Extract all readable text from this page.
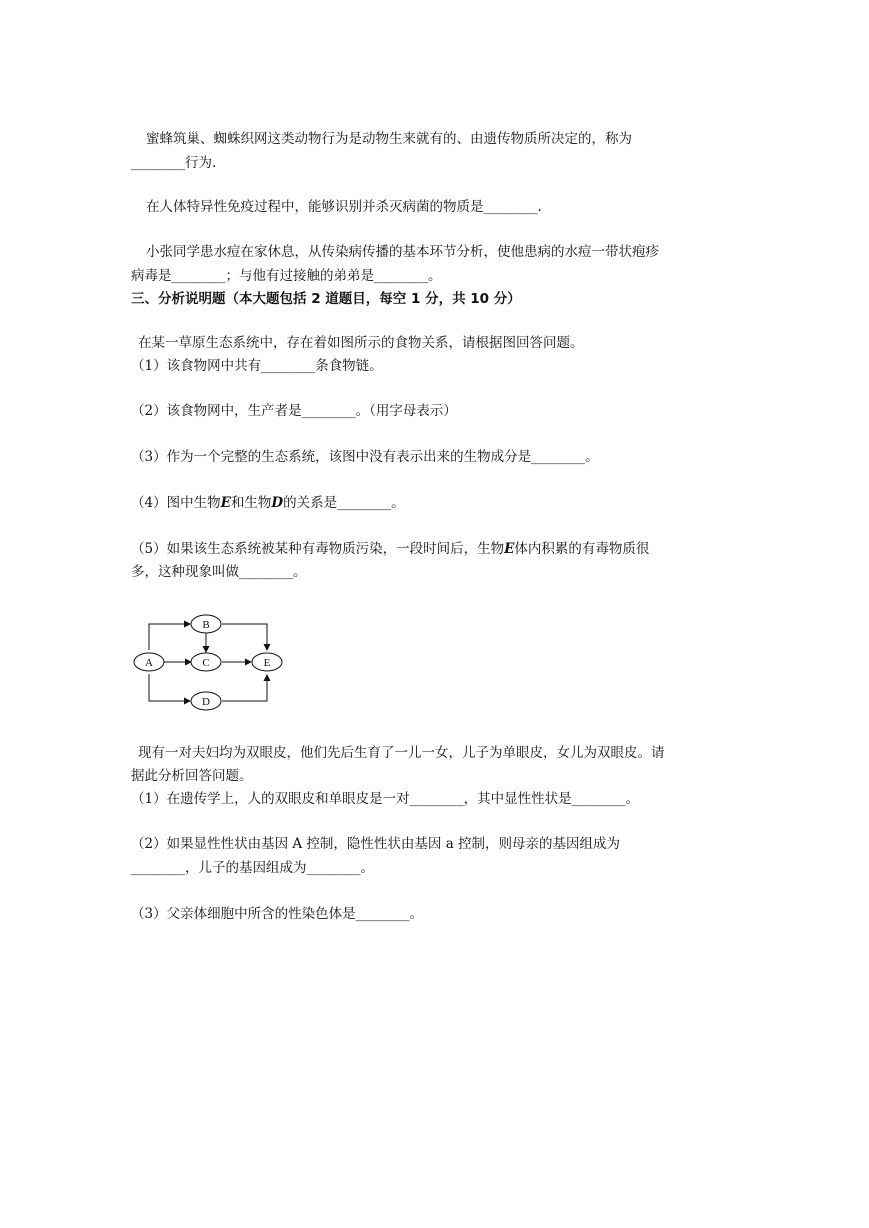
蜜蜂筑巢、蜘蛛织网这类动物行为是动物生来就有的、由遗传物质所决定的，称为
________行为.
在人体特异性免疫过程中，能够识别并杀灭病菌的物质是________.
小张同学患水痘在家休息，从传染病传播的基本环节分析，使他患病的水痘一带状疱疹
病毒是________；与他有过接触的弟弟是________。
三、分析说明题（本大题包括 2 道题目，每空 1 分，共 10 分）
在某一草原生态系统中，存在着如图所示的食物关系，请根据图回答问题。
（1）该食物网中共有________条食物链。
（2）该食物网中，生产者是________。（用字母表示）
（3）作为一个完整的生态系统，该图中没有表示出来的生物成分是________。
（4）图中生物E和生物D的关系是________。
（5）如果该生态系统被某种有毒物质污染，一段时间后，生物E体内积累的有毒物质很
多，这种现象叫做________。
A
B
C
D
E
现有一对夫妇均为双眼皮，他们先后生育了一儿一女，儿子为单眼皮，女儿为双眼皮。请
据此分析回答问题。
（1）在遗传学上，人的双眼皮和单眼皮是一对________，其中显性性状是________。
（2）如果显性性状由基因 A 控制，隐性性状由基因 a 控制，则母亲的基因组成为
________，儿子的基因组成为________。
（3）父亲体细胞中所含的性染色体是________。
